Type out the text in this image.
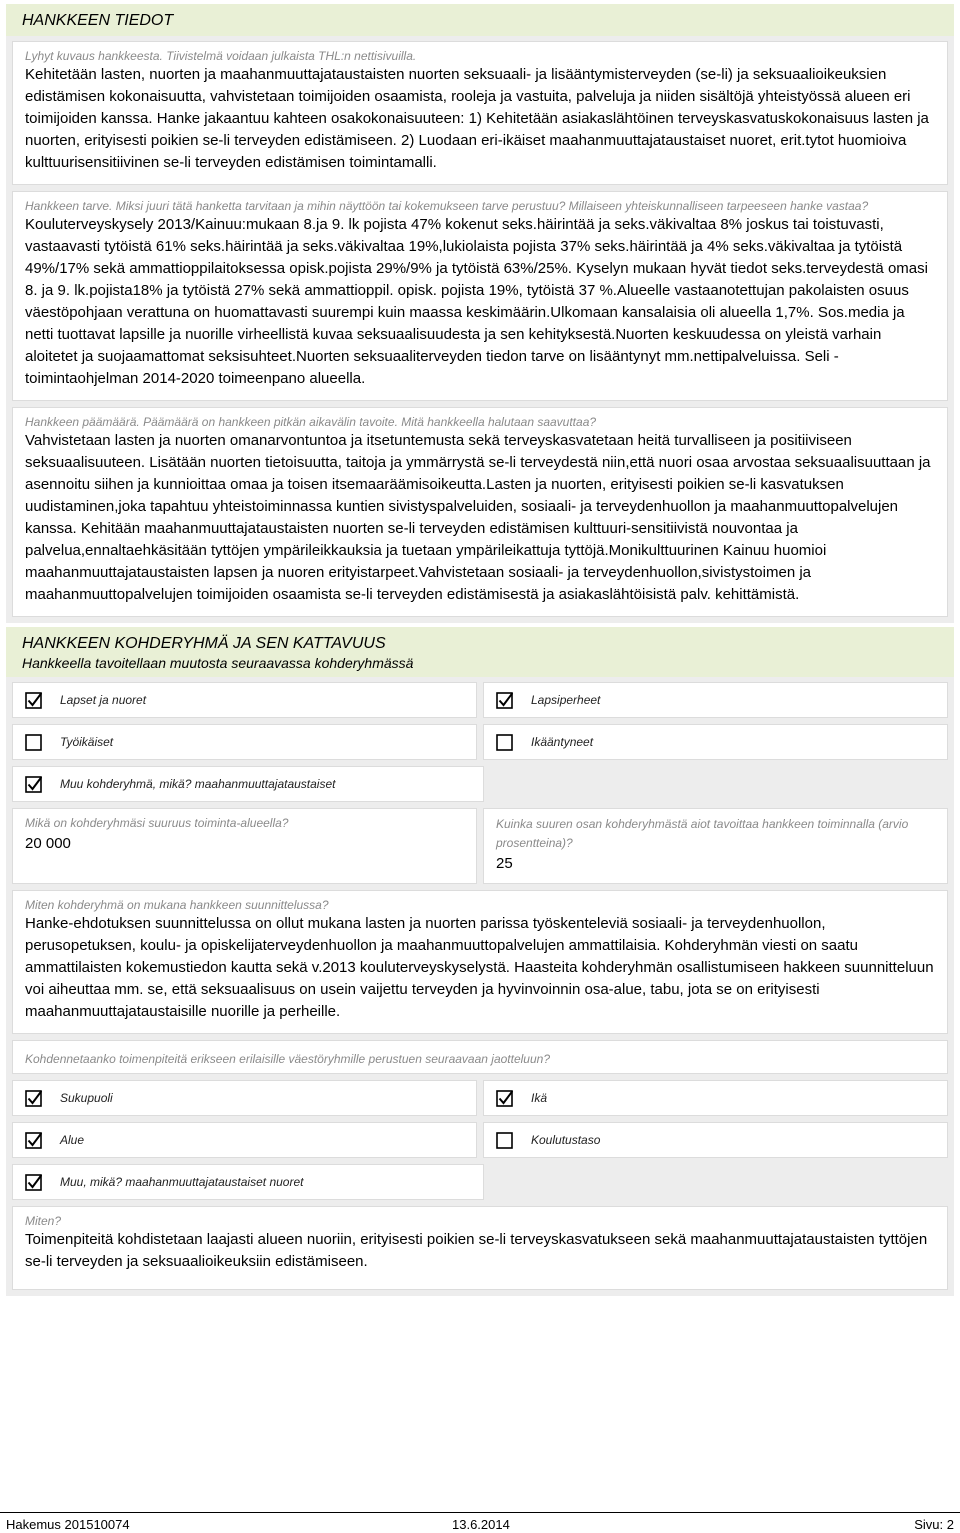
HANKKEEN TIEDOT
Lyhyt kuvaus hankkeesta. Tiivistelmä voidaan julkaista THL:n nettisivuilla.
Kehitetään lasten, nuorten ja maahanmuuttajataustaisten nuorten seksuaali- ja lisääntymisterveyden (se-li) ja seksuaalioikeuksien edistämisen kokonaisuutta, vahvistetaan toimijoiden osaamista, rooleja ja vastuita, palveluja ja niiden sisältöjä yhteistyössä alueen eri toimijoiden kanssa. Hanke jakaantuu kahteen osakokonaisuuteen: 1) Kehitetään asiakaslähtöinen terveyskasvatuskokonaisuus lasten ja nuorten, erityisesti poikien se-li terveyden edistämiseen. 2) Luodaan eri-ikäiset maahanmuuttajataustaiset nuoret, erit.tytot huomioiva kulttuurisensitiivinen se-li terveyden edistämisen toimintamalli.
Hankkeen tarve. Miksi juuri tätä hanketta tarvitaan ja mihin näyttöön tai kokemukseen tarve perustuu? Millaiseen yhteiskunnalliseen tarpeeseen hanke vastaa?
Kouluterveyskysely 2013/Kainuu:mukaan 8.ja 9. lk pojista 47% kokenut seks.häirintää ja seks.väkivaltaa 8% joskus tai toistuvasti, vastaavasti tytöistä 61% seks.häirintää ja seks.väkivaltaa 19%,lukiolaista pojista 37% seks.häirintää ja 4% seks.väkivaltaa ja tytöistä 49%/17% sekä ammattioppilaitoksessa opisk.pojista 29%/9% ja tytöistä 63%/25%. Kyselyn mukaan hyvät tiedot seks.terveydestä omasi 8. ja 9. lk.pojista18% ja tytöistä 27% sekä ammattioppil. opisk. pojista 19%, tytöistä 37 %.Alueelle vastaanotettujan pakolaisten osuus väestöpohjaan verattuna on huomattavasti suurempi kuin maassa keskimäärin.Ulkomaan kansalaisia oli alueella 1,7%. Sos.media ja netti tuottavat lapsille ja nuorille virheellistä kuvaa seksuaalisuudesta ja sen kehityksestä.Nuorten keskuudessa on yleistä varhain aloitetet ja suojaamattomat seksisuhteet.Nuorten seksuaaliterveyden tiedon tarve on lisääntynyt mm.nettipalveluissa. Seli -toimintaohjelman 2014-2020 toimeenpano alueella.
Hankkeen päämäärä. Päämäärä on hankkeen pitkän aikavälin tavoite. Mitä hankkeella halutaan saavuttaa?
Vahvistetaan lasten ja nuorten omanarvontuntoa ja itsetuntemusta sekä terveyskasvatetaan heitä turvalliseen ja positiiviseen seksuaalisuuteen. Lisätään nuorten tietoisuutta, taitoja ja ymmärrystä se-li terveydestä niin,että nuori osaa arvostaa seksuaalisuuttaan ja asennoitu siihen ja kunnioittaa omaa ja toisen itsemaaräämisoikeutta.Lasten ja nuorten, erityisesti poikien se-li kasvatuksen uudistaminen,joka tapahtuu yhteistoiminnassa kuntien sivistyspalveluiden, sosiaali- ja terveydenhuollon ja maahanmuuttopalvelujen kanssa. Kehitään maahanmuuttajataustaisten nuorten se-li terveyden edistämisen kulttuuri-sensitiivistä nouvontaa ja palvelua,ennaltaehkäsitään tyttöjen ympärileikkauksia ja tuetaan ympärileikattuja tyttöjä.Monikulttuurinen Kainuu huomioi maahanmuuttajataustaisten lapsen ja nuoren erityistarpeet.Vahvistetaan sosiaali- ja terveydenhuollon,sivistystoimen ja maahanmuuttopalvelujen toimijoiden osaamista se-li terveyden edistämisestä ja asiakaslähtöisistä palv. kehittämistä.
HANKKEEN KOHDERYHMÄ JA SEN KATTAVUUS
Hankkeella tavoitellaan muutosta seuraavassa kohderyhmässä
Lapset ja nuoret	Lapsiperheet
Työikäiset	Ikääntyneet
Muu kohderyhmä, mikä? maahanmuuttajataustaiset
Mikä on kohderyhmäsi suuruus toiminta-alueella?
20 000
Kuinka suuren osan kohderyhmästä aiot tavoittaa hankkeen toiminnalla (arvio prosentteina)?
25
Miten kohderyhmä on mukana hankkeen suunnittelussa?
Hanke-ehdotuksen suunnittelussa on ollut mukana lasten ja nuorten parissa työskenteleviä sosiaali- ja terveydenhuollon, perusopetuksen, koulu- ja opiskelijaterveydenhuollon ja maahanmuuttopalvelujen ammattilaisia. Kohderyhmän viesti on saatu ammattilaisten kokemustiedon kautta sekä v.2013 kouluterveyskyselystä. Haasteita kohderyhmän osallistumiseen hakkeen suunnitteluun voi aiheuttaa mm. se, että seksuaalisuus on usein vaijettu terveyden ja hyvinvoinnin osa-alue, tabu, jota se on erityisesti maahanmuuttajataustaisille nuorille ja perheille.
Kohdennetaanko toimenpiteitä erikseen erilaisille väestöryhmille perustuen seuraavaan jaotteluun?
Sukupuoli	Ikä
Alue	Koulutustaso
Muu, mikä? maahanmuuttajataustaiset nuoret
Miten?
Toimenpiteitä kohdistetaan laajasti alueen nuoriin, erityisesti poikien se-li terveyskasvatukseen sekä maahanmuuttajataustaisten tyttöjen se-li terveyden ja seksuaalioikeuksiin edistämiseen.
Hakemus 201510074	13.6.2014	Sivu: 2
